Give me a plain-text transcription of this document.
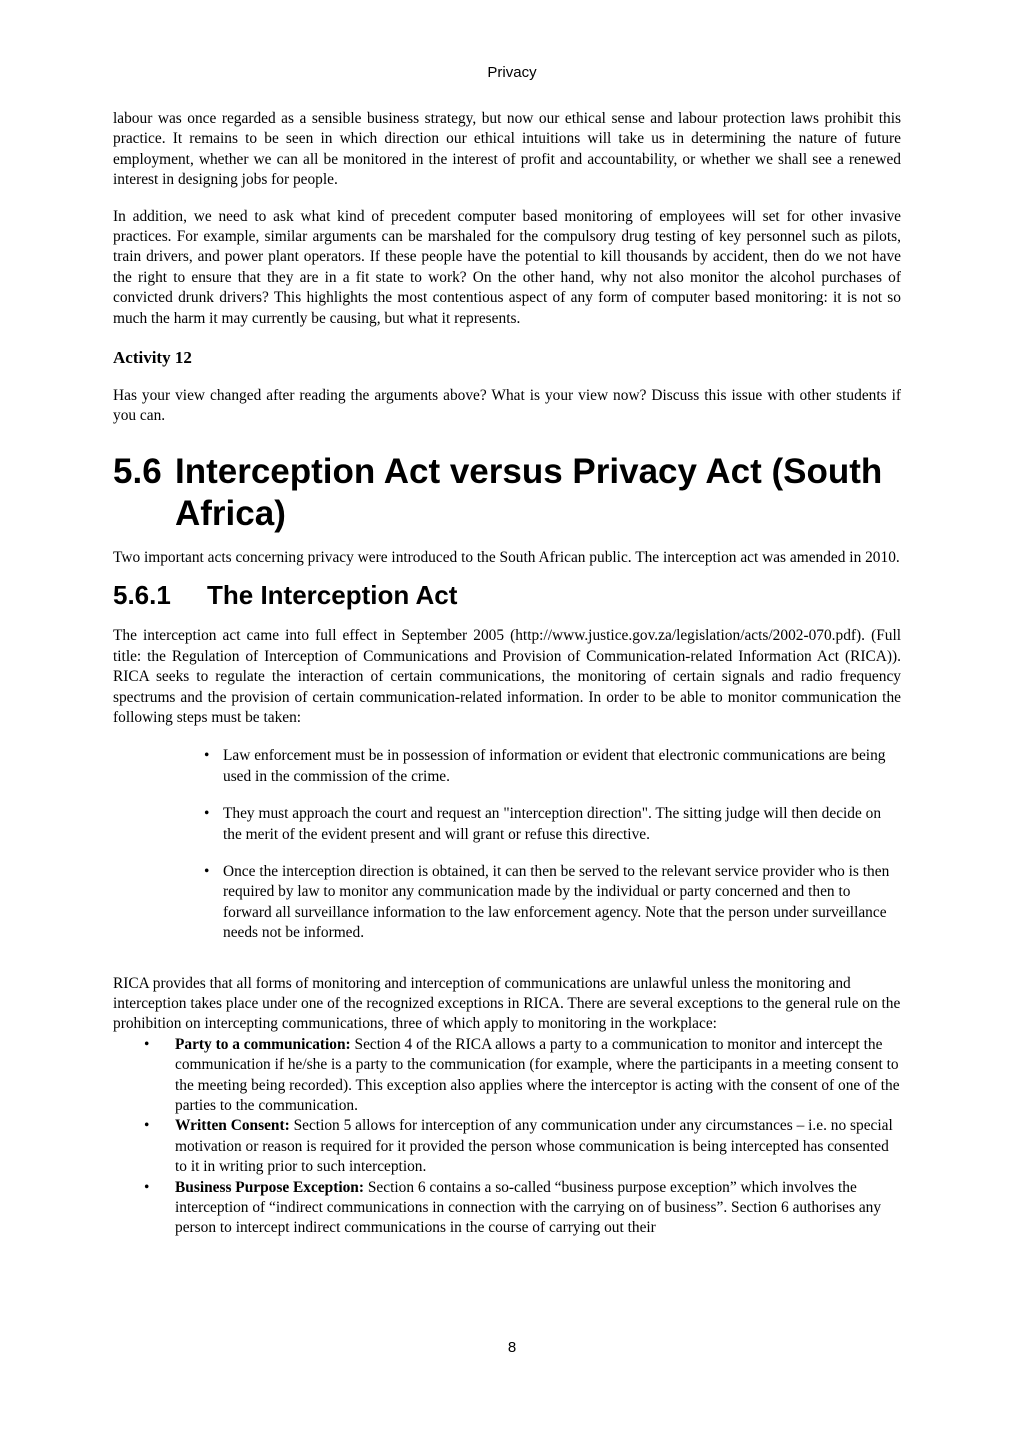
Privacy

labour was once regarded as a sensible business strategy, but now our ethical sense and labour protection laws prohibit this practice. It remains to be seen in which direction our ethical intuitions will take us in determining the nature of future employment, whether we can all be monitored in the interest of profit and accountability, or whether we shall see a renewed interest in designing jobs for people.

In addition, we need to ask what kind of precedent computer based monitoring of employees will set for other invasive practices. For example, similar arguments can be marshaled for the compulsory drug testing of key personnel such as pilots, train drivers, and power plant operators. If these people have the potential to kill thousands by accident, then do we not have the right to ensure that they are in a fit state to work? On the other hand, why not also monitor the alcohol purchases of convicted drunk drivers? This highlights the most contentious aspect of any form of computer based monitoring: it is not so much the harm it may currently be causing, but what it represents.

Activity 12

Has your view changed after reading the arguments above? What is your view now? Discuss this issue with other students if you can.

5.6 Interception Act versus Privacy Act (South Africa)

Two important acts concerning privacy were introduced to the South African public. The interception act was amended in 2010.

5.6.1 The Interception Act

The interception act came into full effect in September 2005 (http://www.justice.gov.za/legislation/acts/2002-070.pdf). (Full title: the Regulation of Interception of Communications and Provision of Communication-related Information Act (RICA)). RICA seeks to regulate the interaction of certain communications, the monitoring of certain signals and radio frequency spectrums and the provision of certain communication-related information. In order to be able to monitor communication the following steps must be taken:

• Law enforcement must be in possession of information or evident that electronic communications are being used in the commission of the crime.
• They must approach the court and request an "interception direction". The sitting judge will then decide on the merit of the evident present and will grant or refuse this directive.
• Once the interception direction is obtained, it can then be served to the relevant service provider who is then required by law to monitor any communication made by the individual or party concerned and then to forward all surveillance information to the law enforcement agency. Note that the person under surveillance needs not be informed.

RICA provides that all forms of monitoring and interception of communications are unlawful unless the monitoring and interception takes place under one of the recognized exceptions in RICA. There are several exceptions to the general rule on the prohibition on intercepting communications, three of which apply to monitoring in the workplace:

• Party to a communication: Section 4 of the RICA allows a party to a communication to monitor and intercept the communication if he/she is a party to the communication (for example, where the participants in a meeting consent to the meeting being recorded). This exception also applies where the interceptor is acting with the consent of one of the parties to the communication.
• Written Consent: Section 5 allows for interception of any communication under any circumstances – i.e. no special motivation or reason is required for it provided the person whose communication is being intercepted has consented to it in writing prior to such interception.
• Business Purpose Exception: Section 6 contains a so-called “business purpose exception” which involves the interception of “indirect communications in connection with the carrying on of business”. Section 6 authorises any person to intercept indirect communications in the course of carrying out their
8
